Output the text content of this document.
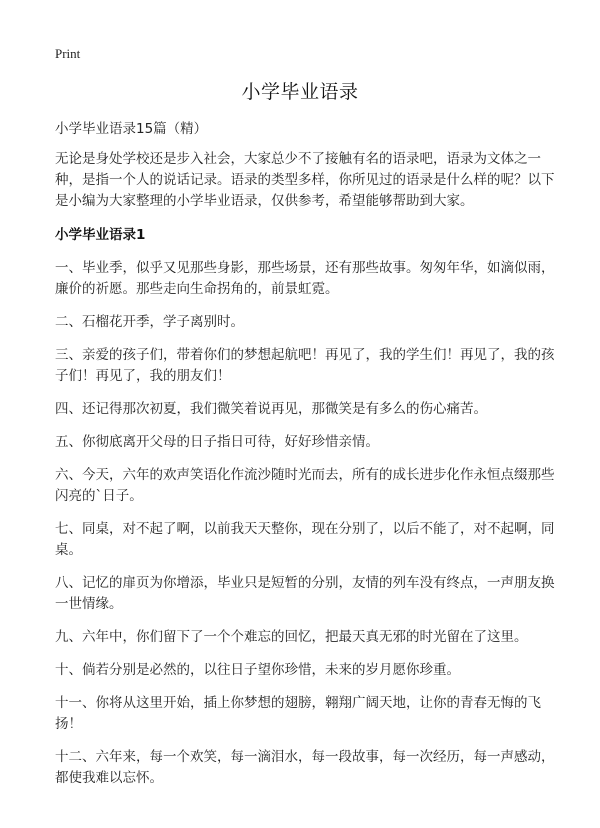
Print
小学毕业语录
小学毕业语录15篇（精）

无论是身处学校还是步入社会，大家总少不了接触有名的语录吧，语录为文体之一种，是指一个人的说话记录。语录的类型多样，你所见过的语录是什么样的呢？以下是小编为大家整理的小学毕业语录，仅供参考，希望能够帮助到大家。

小学毕业语录1

一、毕业季，似乎又见那些身影，那些场景，还有那些故事。匆匆年华，如滴似雨，廉价的祈愿。那些走向生命拐角的，前景虹霓。

二、石榴花开季，学子离别时。

三、亲爱的孩子们，带着你们的梦想起航吧！再见了，我的学生们！再见了，我的孩子们！再见了，我的朋友们！

四、还记得那次初夏，我们微笑着说再见，那微笑是有多么的伤心痛苦。

五、你彻底离开父母的日子指日可待，好好珍惜亲情。

六、今天，六年的欢声笑语化作流沙随时光而去，所有的成长进步化作永恒点缀那些闪亮的`日子。

七、同桌，对不起了啊，以前我天天整你，现在分别了，以后不能了，对不起啊，同桌。

八、记忆的扉页为你增添，毕业只是短暂的分别，友情的列车没有终点，一声朋友换一世情缘。

九、六年中，你们留下了一个个难忘的回忆，把最天真无邪的时光留在了这里。

十、倘若分别是必然的，以往日子望你珍惜，未来的岁月愿你珍重。

十一、你将从这里开始，插上你梦想的翅膀，翱翔广阔天地，让你的青春无悔的飞扬！

十二、六年来，每一个欢笑，每一滴泪水，每一段故事，每一次经历，每一声感动，都使我难以忘怀。
